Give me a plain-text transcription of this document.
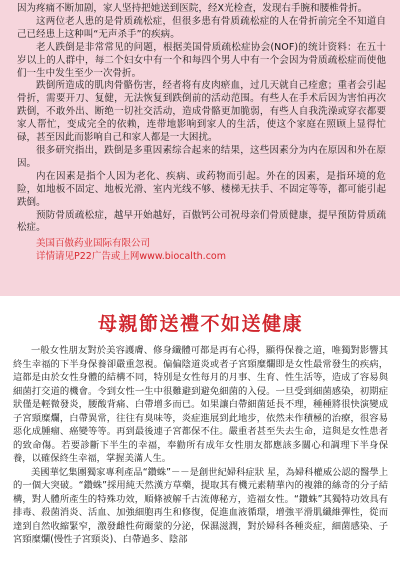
因为疼痛不断加剧，家人坚持把她送到医院，经X光检查，发现右手腕和腰椎骨折。

这两位老人患的是骨质疏松症，但很多患有骨质疏松症的人在骨折前完全不知道自己已经患上这种叫“无声杀手”的疾病。

老人跌倒是非常常见的问题，根据美国骨质疏松症协会(NOF)的统计资料：在五十岁以上的人群中，每二个妇女中有一个和每四个男人中有一个会因为骨质疏松症而使他们一生中发生至少一次骨折。

跌倒所造成的肌肉骨骼伤害，经者将有皮肉瘀血，过几天就自己痊愈；重者会引起骨折，需要开刀、复健，无法恢复到跌倒前的活动范围。有些人在手术后因为害怕再次跌倒，不敢外出、断绝一切社交活动，造成骨骼更加脆弱，有些人自我洗澡或穿衣都要家人帮忙，变成完全的依赖，连带地影响到家人的生活，使这个家庭在照顾上显得忙碌，甚至因此而影响自己和家人都是一大困扰。

很多研究指出，跌倒是多重因素综合起来的结果，这些因素分为内在原因和外在原因。

内在因素是指个人因为老化、疾病、或药物而引起。外在的因素，是指环境的危险，如地板不固定、地板光滑、室内光线不够、楼梯无扶手、不固定等等，都可能引起跌倒。

预防骨质疏松症，越早开始越好，百傲钙公司祝母亲们骨质健康，提早预防骨质疏松症。

美国百傲药业国际有限公司
详情请见P22广告或上网www.biocalth.com
母親節送禮不如送健康

一般女性朋友對於美容護膚、修身纖體可都是再有心得，顯得保養之道，唯獨對影響其終生幸福的下半身保養卻嚴重忽視。偏偏陰道炎或者子宮頸糜爛即是女性最常發生的疾病，這都是由於女性身體的結構不同，特別是女性每月的月事、生育、性生活等，造成了容易與細菌打交道的機會。令到女性一生中很難避到避免細菌的入侵。一旦受到細菌感染，初期症狀僅是輕微發炎，腰酸背痛、白帶增多而已。如果讓白帶細菌延長不理，種種將很快演變成子宮頸糜爛，白帶異常，往往有臭味等，炎症進展到此地步，依然未作積極的治療，很容易惡化成腫瘤、癌變等等。再到最後連子宮都保不住。嚴重者甚至失去生命，這與是女性患者的致命傷。若要診斷下半生的幸福，奉勸所有成年女性朋友都應該多關心和調理下半身保養，以確保終生幸福，掌握美滿人生。

美國華忆集團獨家專利產品“鑽蛛”－－是創世紀婦科症狀 星，為婦科權威公認的醫學上的一個大突破。“鑽蛛”採用純天然漢方草藥，提取其有機元素精華內的複雜的絲奇的分子結構，對人體所產生的特殊功效，順條被解千古流傳秘方，造福女性。“鑽蛛”其獨特功效具有排毒、殺菌消炎、活血、加強細胞再生和修復，促進血液循環，增強平滑肌纖維彈性，從而達到自然收縮緊窄，激發雌性荷爾蒙的分泌，保濕滋潤，對於婦科各種炎症，細菌感染、子宮頸糜爛(慢性子宮頸炎)、白帶過多、陰部
